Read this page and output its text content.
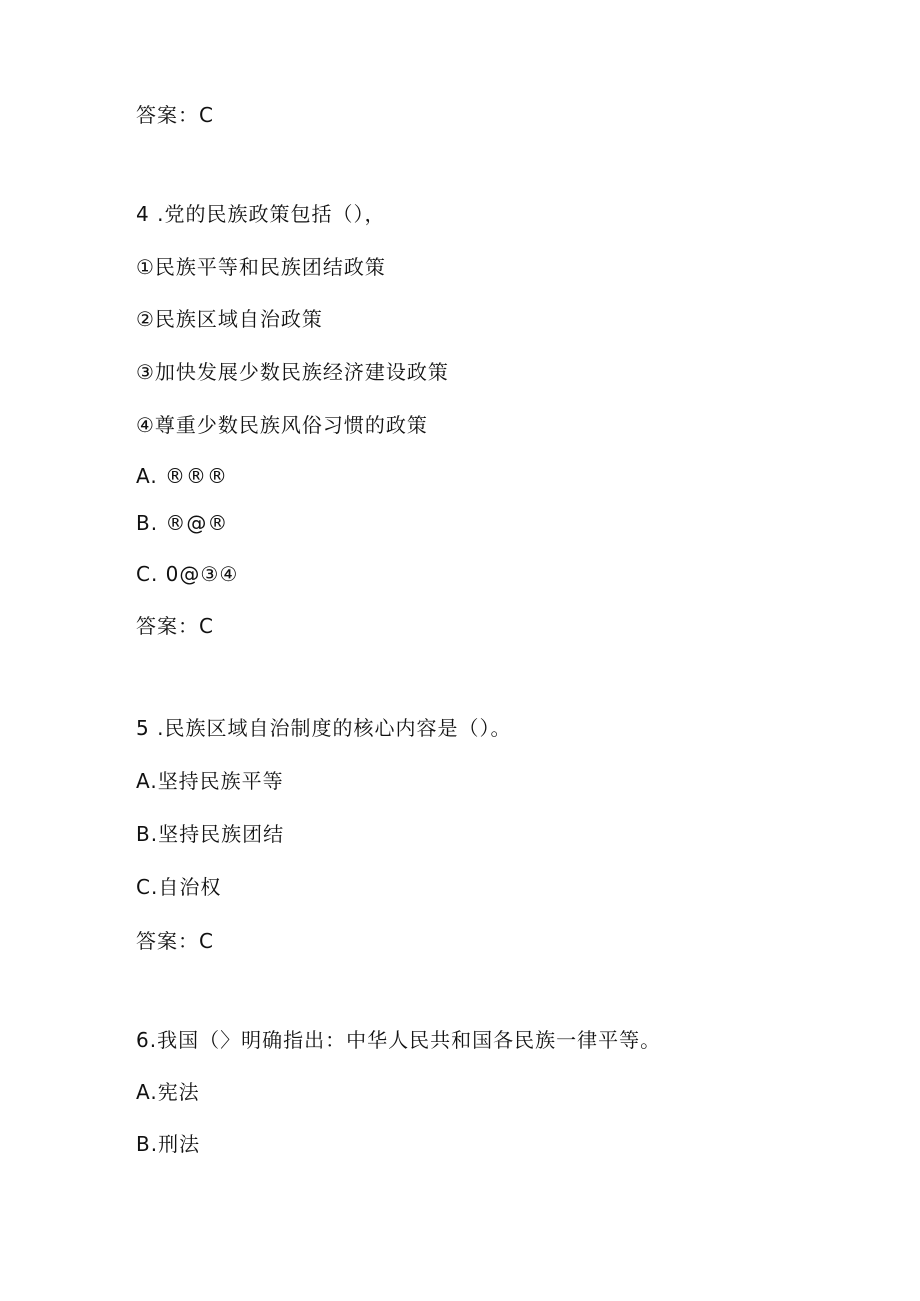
答案：C
4 .党的民族政策包括（），
①民族平等和民族团结政策
②民族区域自治政策
③加快发展少数民族经济建设政策
④尊重少数民族风俗习惯的政策
A. ®®®
B. ®@®
C. 0@③④
答案：C
5 .民族区域自治制度的核心内容是（）。
A.坚持民族平等
B.坚持民族团结
C.自治权
答案：C
6.我国（〉明确指出：中华人民共和国各民族一律平等。
A.宪法
B.刑法
